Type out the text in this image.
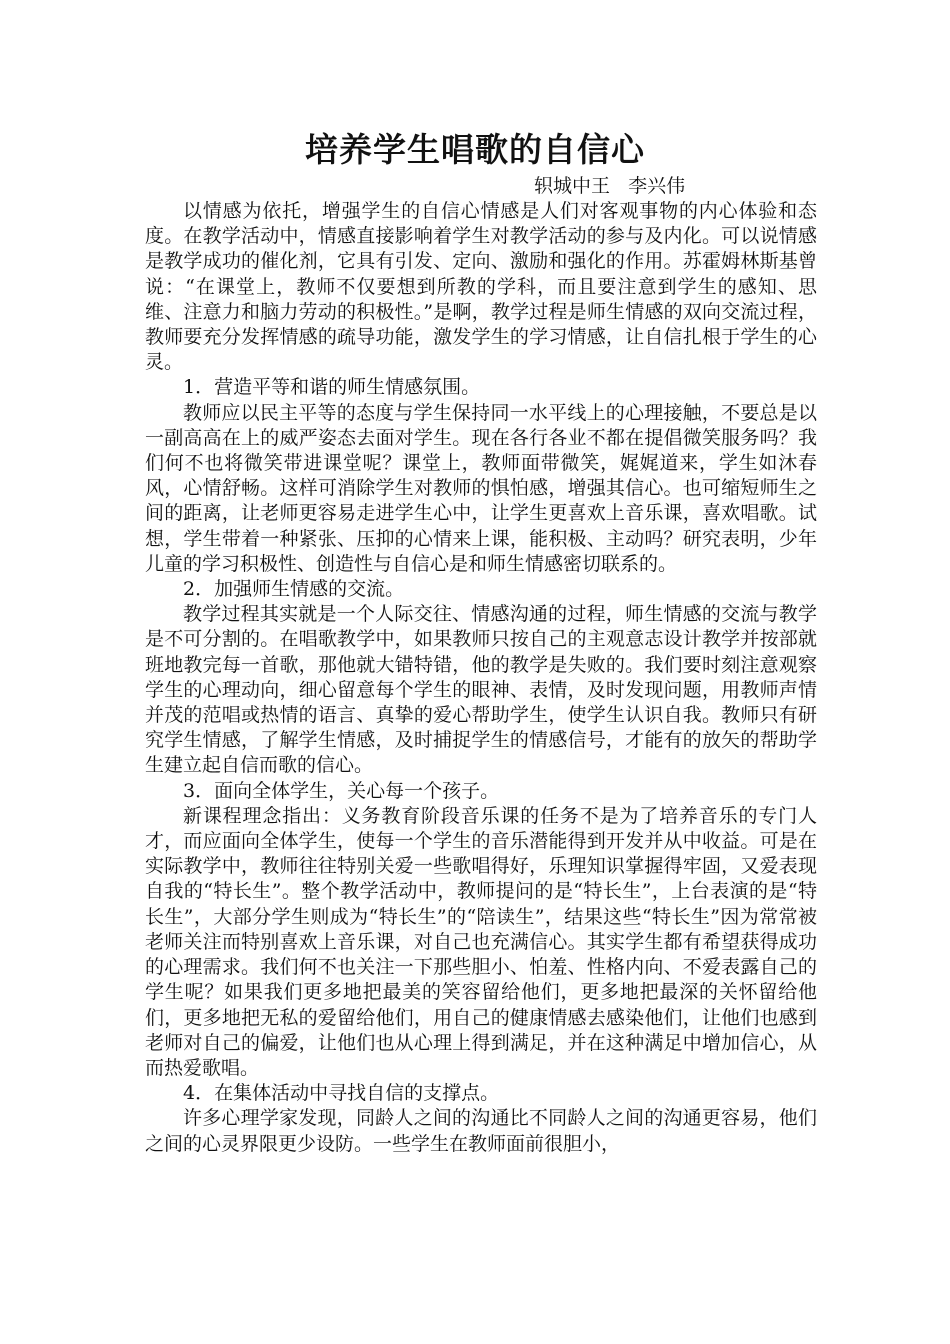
培养学生唱歌的自信心
轵城中王   李兴伟

以情感为依托，增强学生的自信心情感是人们对客观事物的内心体验和态度。在教学活动中，情感直接影响着学生对教学活动的参与及内化。可以说情感是教学成功的催化剂，它具有引发、定向、激励和强化的作用。苏霍姆林斯基曾说：“在课堂上，教师不仅要想到所教的学科，而且要注意到学生的感知、思维、注意力和脑力劳动的积极性。”是啊，教学过程是师生情感的双向交流过程，教师要充分发挥情感的疏导功能，激发学生的学习情感，让自信扎根于学生的心灵。

1．营造平等和谐的师生情感氛围。

教师应以民主平等的态度与学生保持同一水平线上的心理接触，不要总是以一副高高在上的威严姿态去面对学生。现在各行各业不都在提倡微笑服务吗？我们何不也将微笑带进课堂呢？课堂上，教师面带微笑，娓娓道来，学生如沐春风，心情舒畅。这样可消除学生对教师的惧怕感，增强其信心。也可缩短师生之间的距离，让老师更容易走进学生心中，让学生更喜欢上音乐课，喜欢唱歌。试想，学生带着一种紧张、压抑的心情来上课，能积极、主动吗？研究表明，少年儿童的学习积极性、创造性与自信心是和师生情感密切联系的。

2．加强师生情感的交流。

教学过程其实就是一个人际交往、情感沟通的过程，师生情感的交流与教学是不可分割的。在唱歌教学中，如果教师只按自己的主观意志设计教学并按部就班地教完每一首歌，那他就大错特错，他的教学是失败的。我们要时刻注意观察学生的心理动向，细心留意每个学生的眼神、表情，及时发现问题，用教师声情并茂的范唱或热情的语言、真挚的爱心帮助学生，使学生认识自我。教师只有研究学生情感，了解学生情感，及时捕捉学生的情感信号，才能有的放矢的帮助学生建立起自信而歌的信心。

3．面向全体学生，关心每一个孩子。

新课程理念指出：义务教育阶段音乐课的任务不是为了培养音乐的专门人才，而应面向全体学生，使每一个学生的音乐潜能得到开发并从中收益。可是在实际教学中，教师往往特别关爱一些歌唱得好，乐理知识掌握得牢固，又爱表现自我的“特长生”。整个教学活动中，教师提问的是“特长生”，上台表演的是“特长生”，大部分学生则成为“特长生”的“陪读生”，结果这些“特长生”因为常常被老师关注而特别喜欢上音乐课，对自己也充满信心。其实学生都有希望获得成功的心理需求。我们何不也关注一下那些胆小、怕羞、性格内向、不爱表露自己的学生呢？如果我们更多地把最美的笑容留给他们，更多地把最深的关怀留给他们，更多地把无私的爱留给他们，用自己的健康情感去感染他们，让他们也感到老师对自己的偏爱，让他们也从心理上得到满足，并在这种满足中增加信心，从而热爱歌唱。

4．在集体活动中寻找自信的支撑点。

许多心理学家发现，同龄人之间的沟通比不同龄人之间的沟通更容易，他们之间的心灵界限更少设防。一些学生在教师面前很胆小，
